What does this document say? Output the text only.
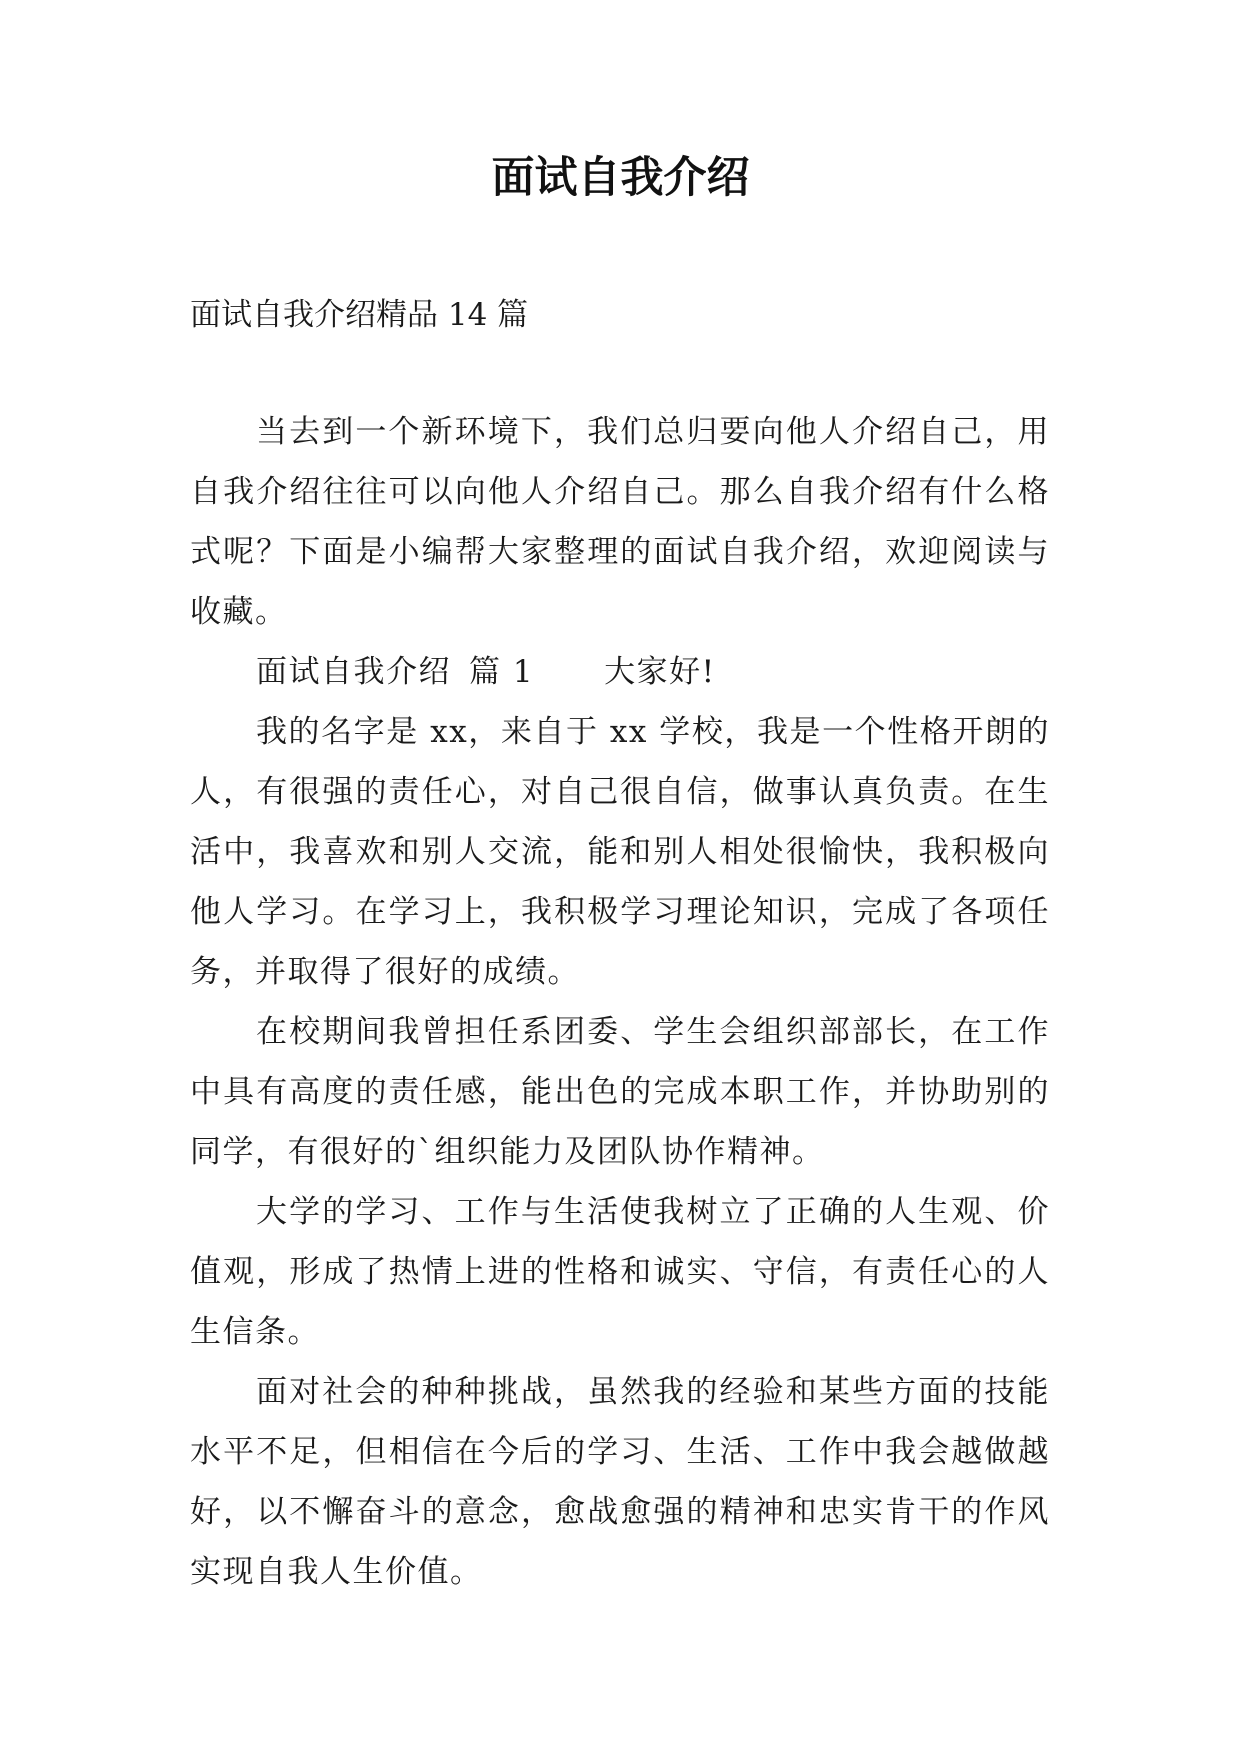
面试自我介绍

面试自我介绍精品 14 篇

当去到一个新环境下，我们总归要向他人介绍自己，用自我介绍往往可以向他人介绍自己。那么自我介绍有什么格式呢？下面是小编帮大家整理的面试自我介绍，欢迎阅读与收藏。

面试自我介绍 篇 1 大家好!

我的名字是 xx，来自于 xx 学校，我是一个性格开朗的人，有很强的责任心，对自己很自信，做事认真负责。在生活中，我喜欢和别人交流，能和别人相处很愉快，我积极向他人学习。在学习上，我积极学习理论知识，完成了各项任务，并取得了很好的成绩。

在校期间我曾担任系团委、学生会组织部部长，在工作中具有高度的责任感，能出色的完成本职工作，并协助别的同学，有很好的`组织能力及团队协作精神。

大学的学习、工作与生活使我树立了正确的人生观、价值观，形成了热情上进的性格和诚实、守信，有责任心的人生信条。

面对社会的种种挑战，虽然我的经验和某些方面的技能水平不足，但相信在今后的学习、生活、工作中我会越做越好，以不懈奋斗的意念，愈战愈强的精神和忠实肯干的作风实现自我人生价值。
